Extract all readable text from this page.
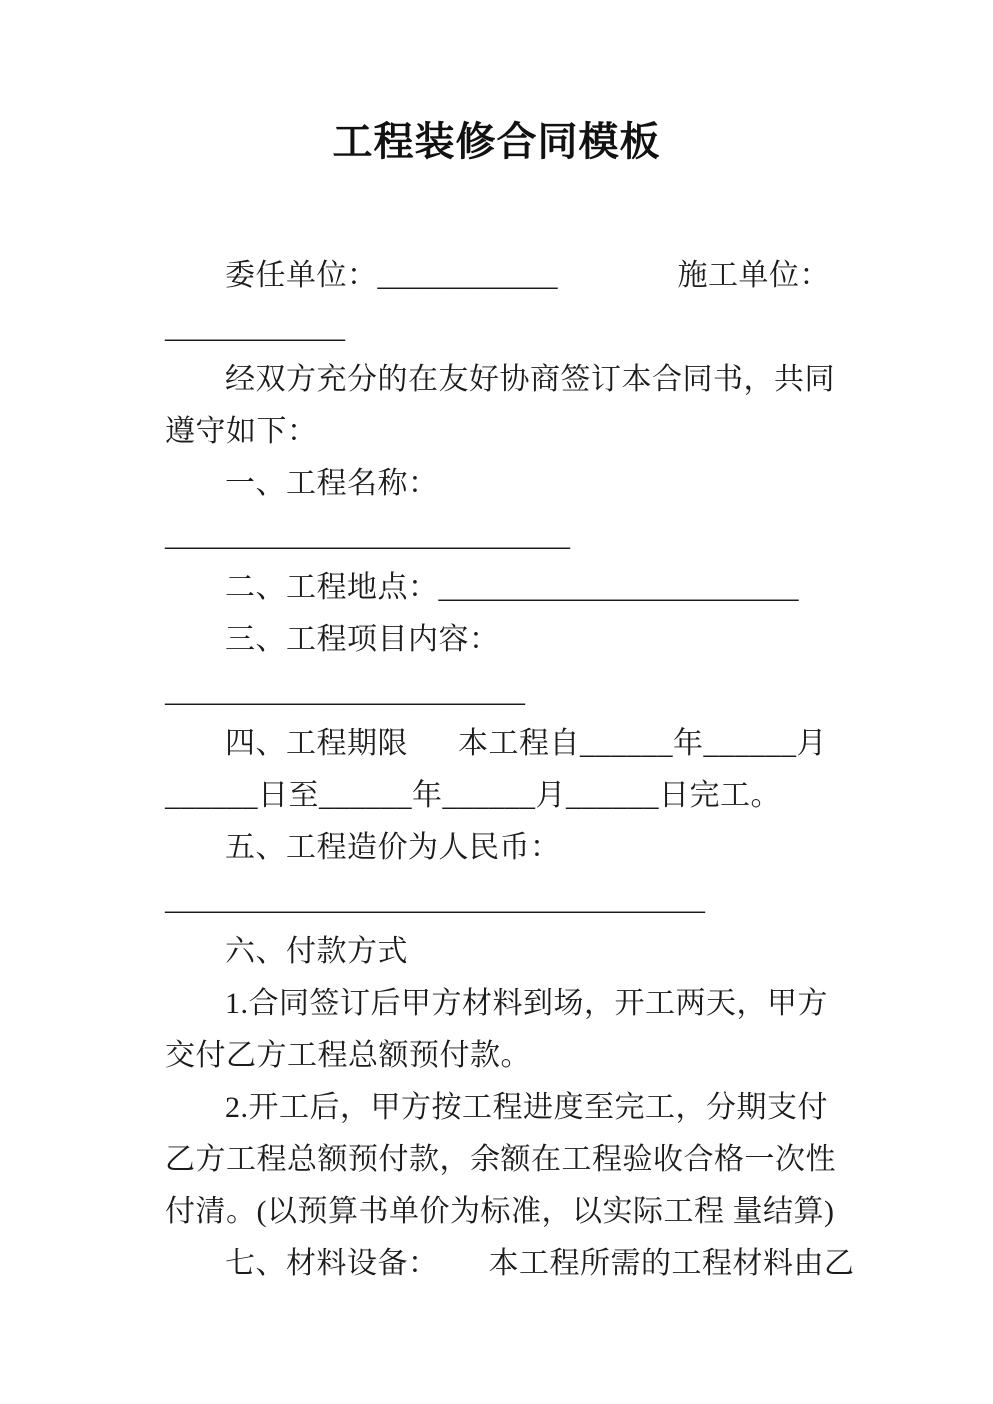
工程装修合同模板
委任单位：____________	施工单位：
____________
经双方充分的在友好协商签订本合同书，共同
遵守如下：
一、工程名称：
___________________________
二、工程地点：________________________
三、工程项目内容：
________________________
四、工程期限 本工程自______年______月
______日至______年______月______日完工。
五、工程造价为人民币：
____________________________________
六、付款方式
1.合同签订后甲方材料到场，开工两天，甲方
交付乙方工程总额预付款。
2.开工后，甲方按工程进度至完工，分期支付
乙方工程总额预付款，余额在工程验收合格一次性
付清。(以预算书单价为标准，以实际工程 量结算)
七、材料设备： 本工程所需的工程材料由乙
